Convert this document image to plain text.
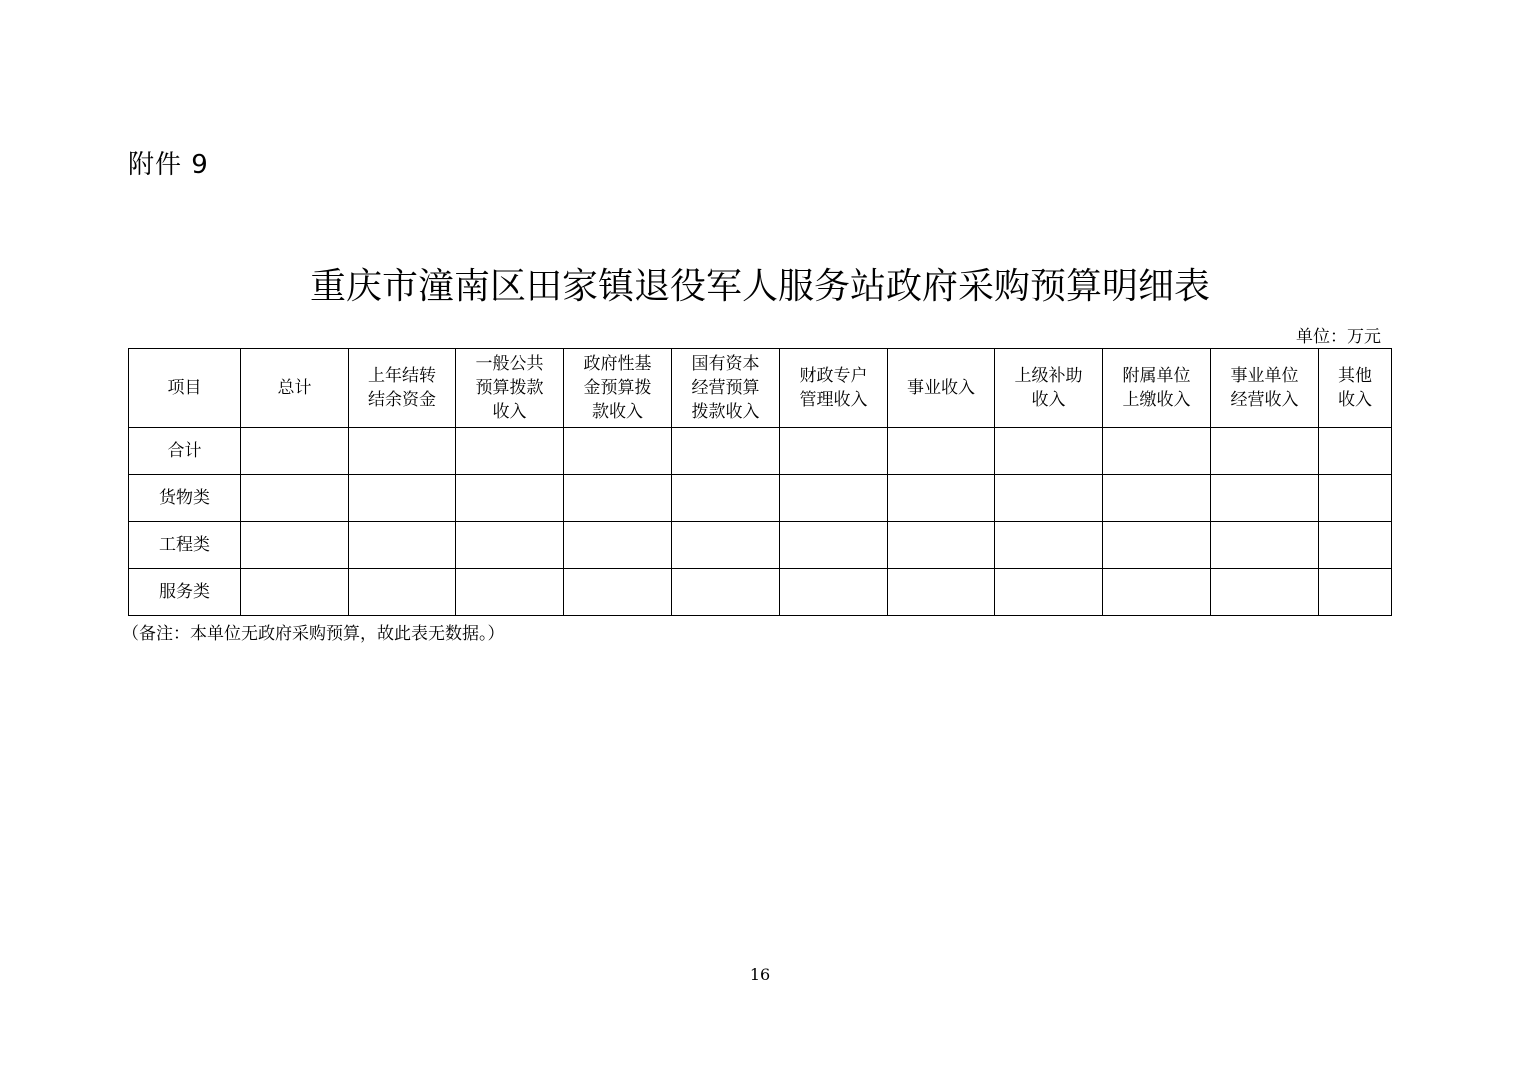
附件 9
重庆市潼南区田家镇退役军人服务站政府采购预算明细表
单位：万元
项目	总计	上年结转结余资金	一般公共预算拨款收入	政府性基金预算拨款收入	国有资本经营预算拨款收入	财政专户管理收入	事业收入	上级补助收入	附属单位上缴收入	事业单位经营收入	其他收入
合计											
货物类											
工程类											
服务类											
（备注：本单位无政府采购预算，故此表无数据。）
16
